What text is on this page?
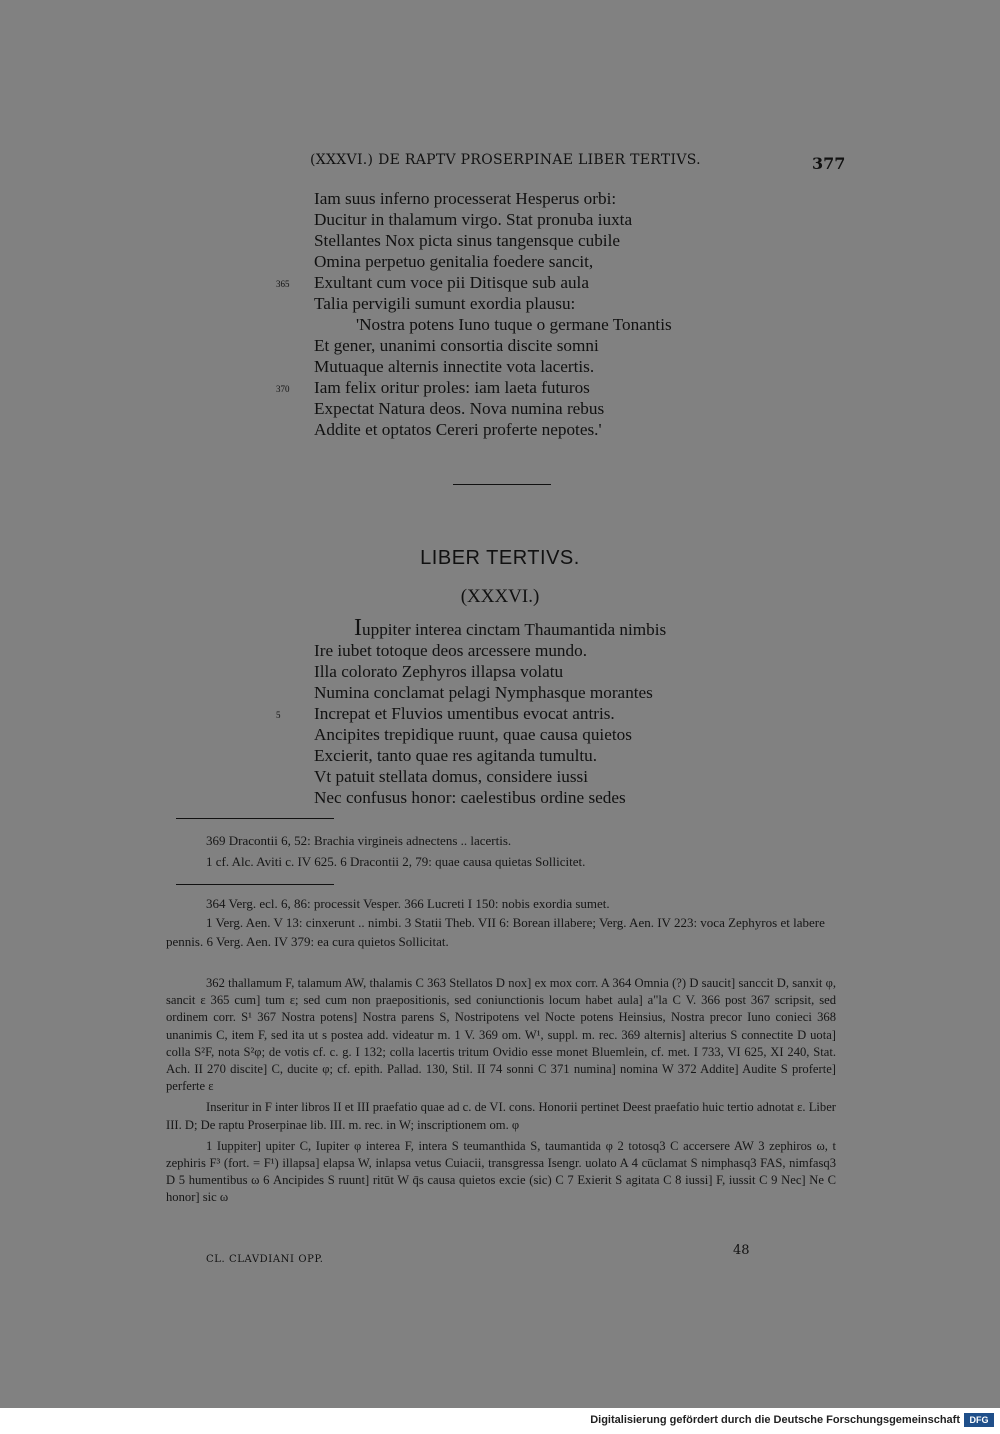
(XXXVI.) DE RAPTV PROSERPINAE LIBER TERTIVS.	377
Iam suus inferno processerat Hesperus orbi:
Ducitur in thalamum virgo. Stat pronuba iuxta
Stellantes Nox picta sinus tangensque cubile
Omina perpetuo genitalia foedere sancit,
365 Exultant cum voce pii Ditisque sub aula
Talia pervigili sumunt exordia plausu:
'Nostra potens Iuno tuque o germane Tonantis
Et gener, unanimi consortia discite somni
Mutuaque alternis innectite vota lacertis.
370 Iam felix oritur proles: iam laeta futuros
Expectat Natura deos. Nova numina rebus
Addite et optatos Cereri proferte nepotes.'
LIBER TERTIVS.
(XXXVI.)
Iuppiter interea cinctam Thaumantida nimbis
Ire iubet totoque deos arcessere mundo.
Illa colorato Zephyros illapsa volatu
Numina conclamat pelagi Nymphasque morantes
5 Increpat et Fluvios umentibus evocat antris.
Ancipites trepidique ruunt, quae causa quietos
Excierit, tanto quae res agitanda tumultu.
Vt patuit stellata domus, considere iussi
Nec confusus honor: caelestibus ordine sedes

369 Dracontii 6, 52: Brachia virgineis adnectens .. lacertis.

1 cf. Alc. Aviti c. IV 625. 6 Dracontii 2, 79: quae causa quietas Sollicitet.

364 Verg. ecl. 6, 86: processit Vesper. 366 Lucreti I 150: nobis exordia sumet.

1 Verg. Aen. V 13: cinxerunt .. nimbi. 3 Statii Theb. VII 6: Borean illabere; Verg. Aen. IV 223: voca Zephyros et labere pennis. 6 Verg. Aen. IV 379: ea cura quietos Sollicitat.

362 thallamum F, talamum AW, thalamis C 363 Stellatos D nox] ex mox corr. A 364 Omnia (?) D saucit] sanccit D, sanxit φ, sancit ε 365 cum] tum ε; sed cum non praepositionis, sed coniunctionis locum habet aula] a"la C V. 366 post 367 scripsit, sed ordinem corr. S¹ 367 Nostra potens] Nostra parens S, Nostripotens vel Nocte potens Heinsius, Nostra precor Iuno conieci 368 unanimis C, item F, sed ita ut s postea add. videatur m. 1 V. 369 om. W¹, suppl. m. rec. 369 alternis] alterius S connectite D uota] colla S²F, nota S²φ; de votis cf. c. g. I 132; colla lacertis tritum Ovidio esse monet Bluemlein, cf. met. I 733, VI 625, XI 240, Stat. Ach. II 270 discite] C, ducite φ; cf. epith. Pallad. 130, Stil. II 74 sonni C 371 numina] nomina W 372 Addite] Audite S proferte] perferte ε

Inseritur in F inter libros II et III praefatio quae ad c. de VI. cons. Honorii pertinet Deest praefatio huic tertio adnotat ε. Liber III. D; De raptu Proserpinae lib. III. m. rec. in W; inscriptionem om. φ

1 Iuppiter] upiter C, Iupiter φ interea F, intera S teumanthida S, taumantida φ 2 totosq3 C accersere AW 3 zephiros ω, t zephiris F³ (fort. = F¹) illapsa] elapsa W, inlapsa vetus Cuiacii, transgressa Isengr. uolato A 4 cūclamat S nimphasq3 FAS, nimfasq3 D 5 humentibus ω 6 Ancipides S ruunt] ritūt W q̄s causa quietos excie (sic) C 7 Exierit S agitata C 8 iussi] F, iussit C 9 Nec] Ne C honor] sic ω

CL. CLAVDIANI OPP.
48
Digitalisierung gefördert durch die Deutsche Forschungsgemeinschaft	DFG
